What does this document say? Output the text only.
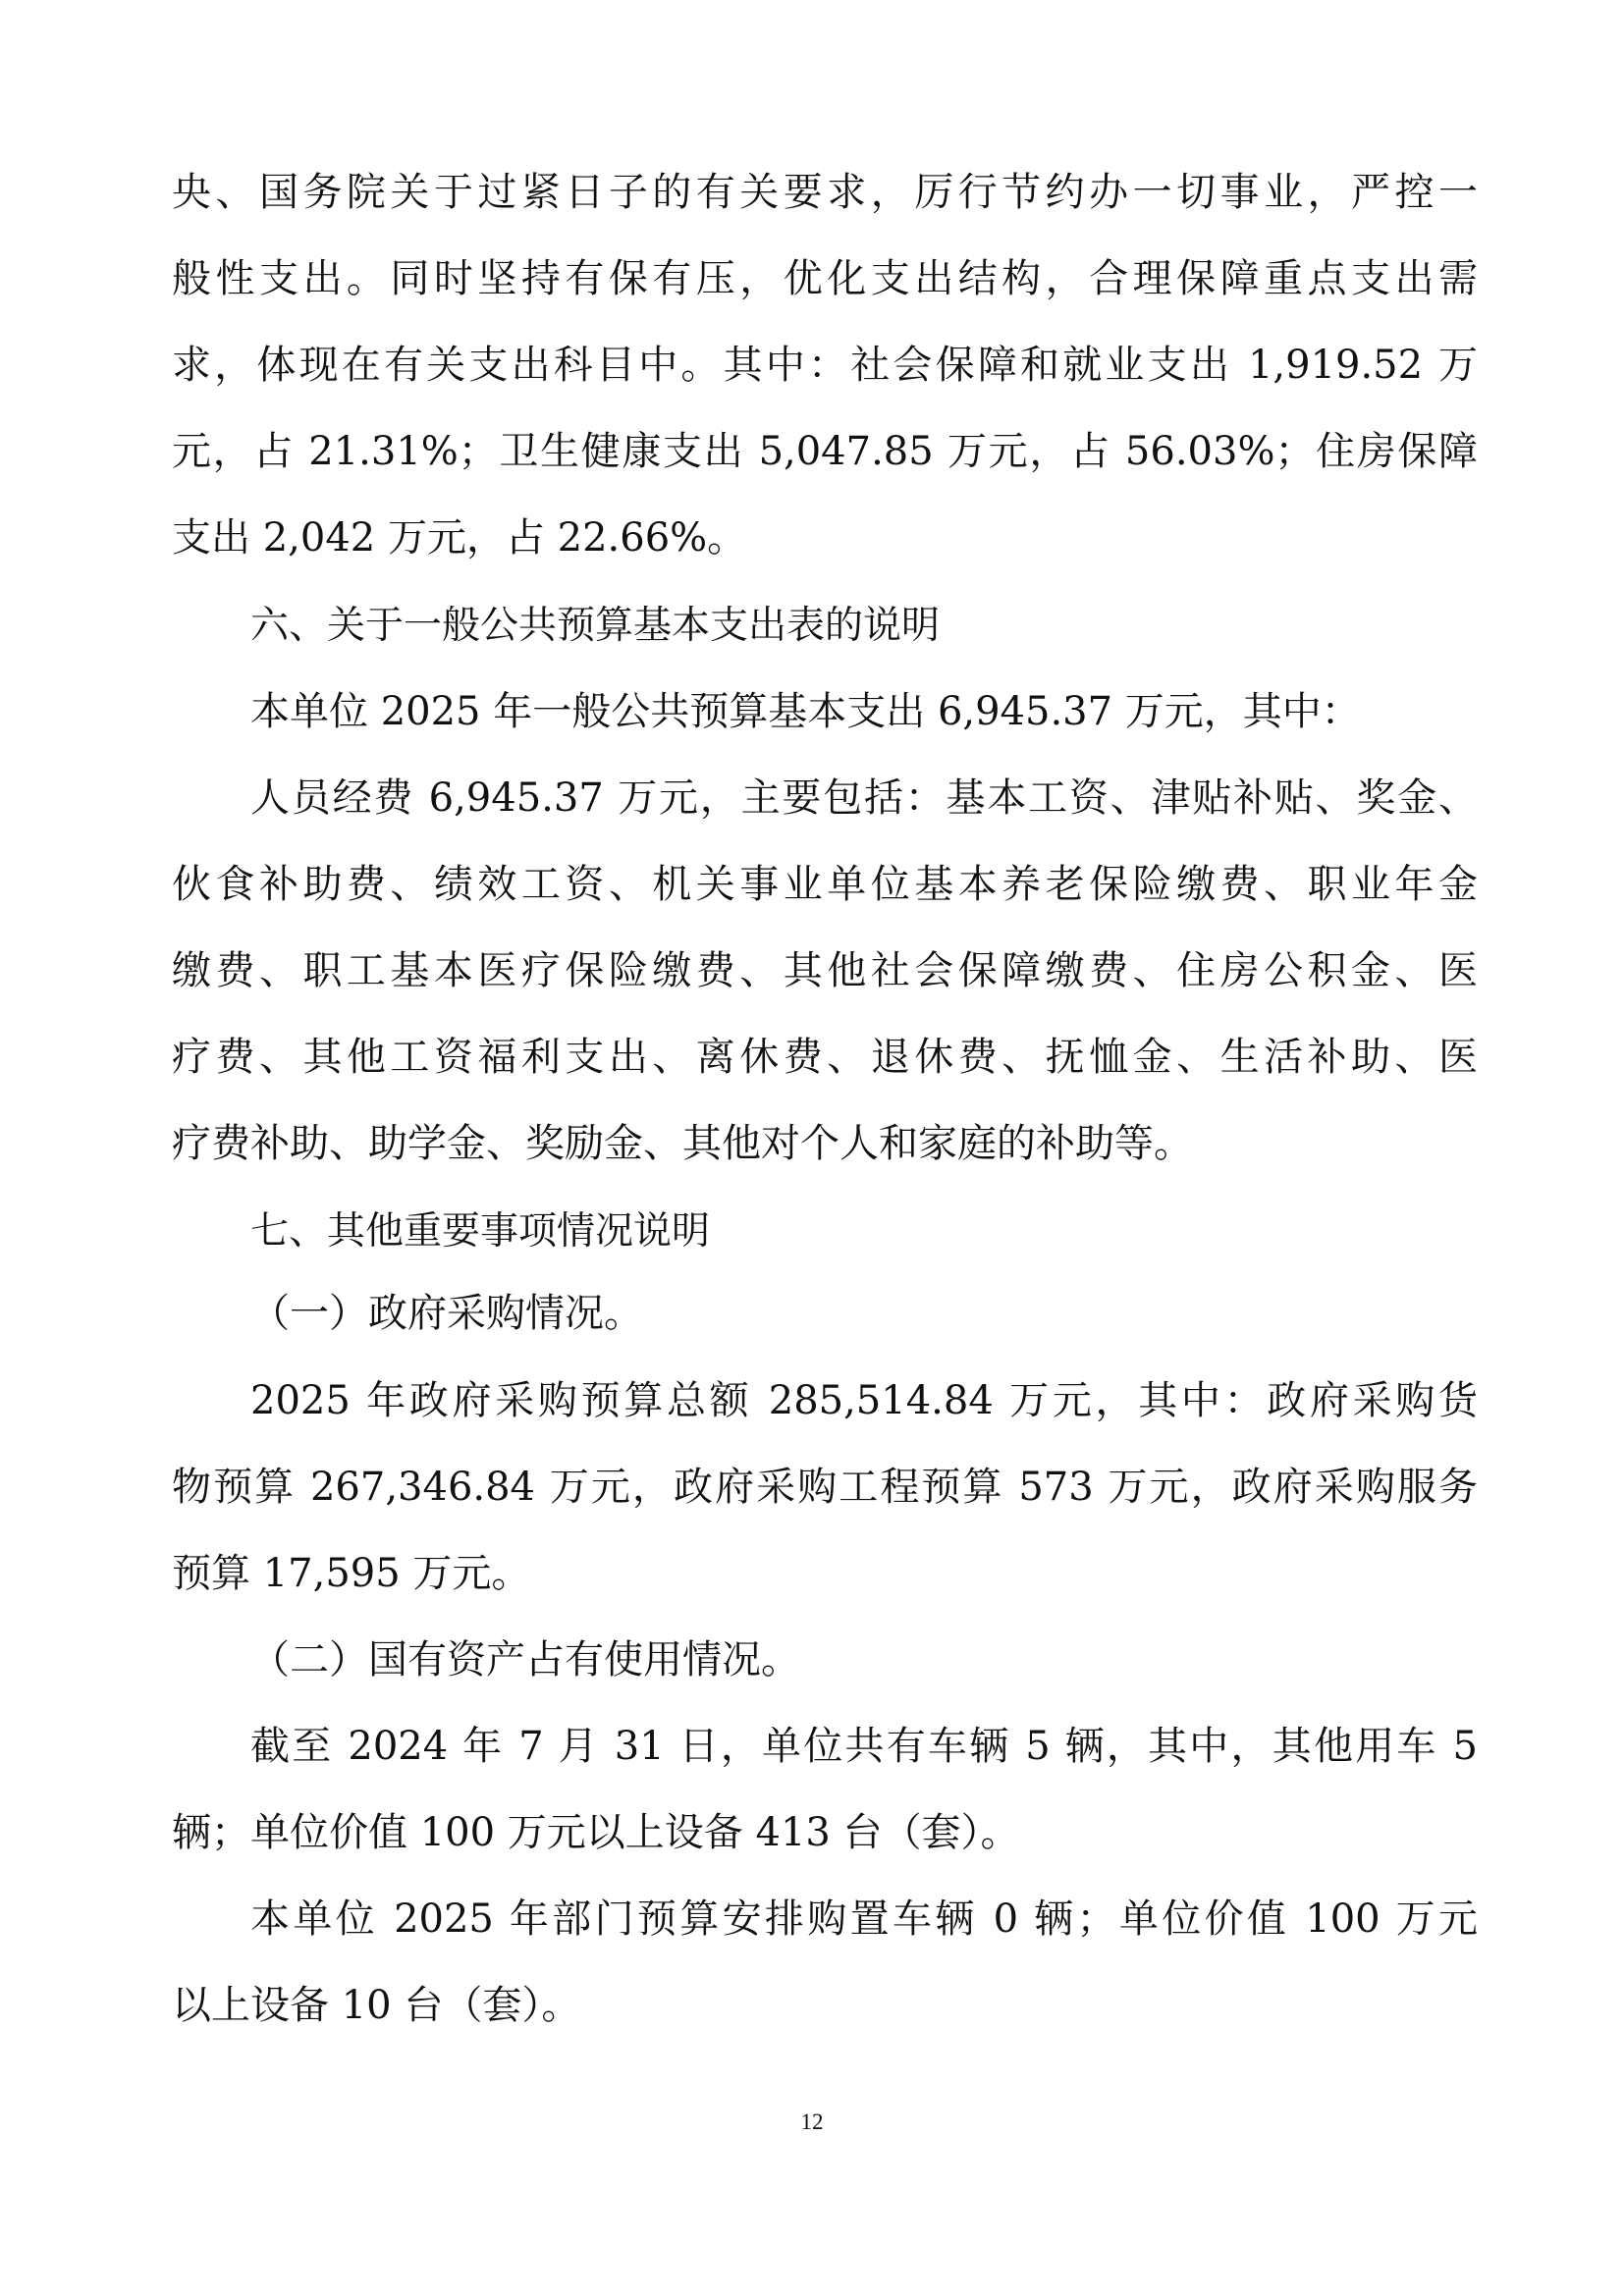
央、国务院关于过紧日子的有关要求，厉行节约办一切事业，严控一
般性支出。同时坚持有保有压，优化支出结构，合理保障重点支出需
求，体现在有关支出科目中。其中：社会保障和就业支出 1,919.52 万
元，占 21.31%；卫生健康支出 5,047.85 万元，占 56.03%；住房保障
支出 2,042 万元，占 22.66%。
六、关于一般公共预算基本支出表的说明
本单位 2025 年一般公共预算基本支出 6,945.37 万元，其中：
人员经费 6,945.37 万元，主要包括：基本工资、津贴补贴、奖金、
伙食补助费、绩效工资、机关事业单位基本养老保险缴费、职业年金
缴费、职工基本医疗保险缴费、其他社会保障缴费、住房公积金、医
疗费、其他工资福利支出、离休费、退休费、抚恤金、生活补助、医
疗费补助、助学金、奖励金、其他对个人和家庭的补助等。
七、其他重要事项情况说明
（一）政府采购情况。
2025 年政府采购预算总额 285,514.84 万元，其中：政府采购货
物预算 267,346.84 万元，政府采购工程预算 573 万元，政府采购服务
预算 17,595 万元。
（二）国有资产占有使用情况。
截至 2024 年 7 月 31 日，单位共有车辆 5 辆，其中，其他用车 5
辆；单位价值 100 万元以上设备 413 台（套）。
本单位 2025 年部门预算安排购置车辆 0 辆；单位价值 100 万元
以上设备 10 台（套）。
12
